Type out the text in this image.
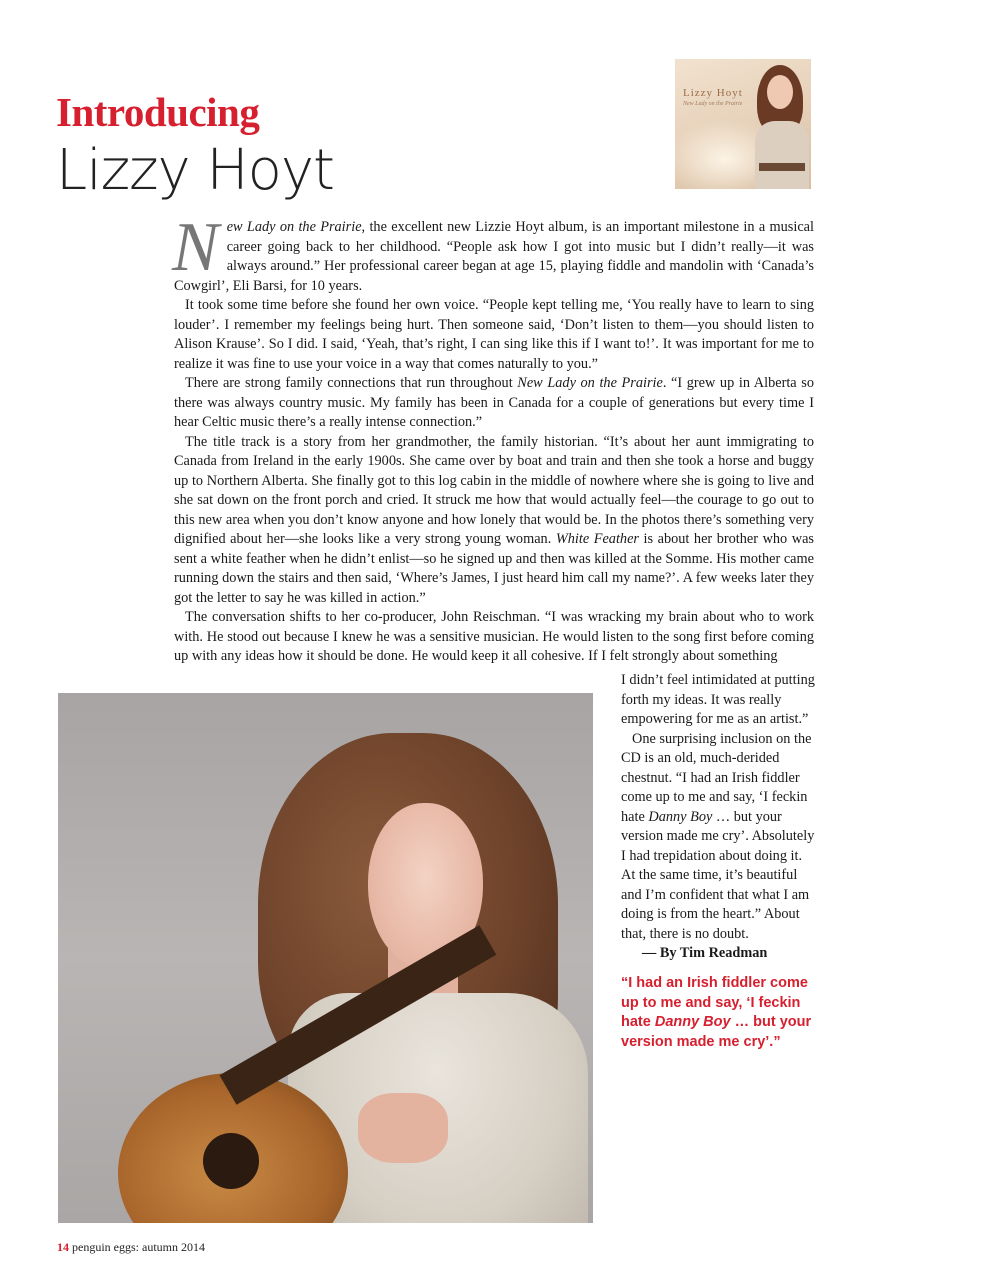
Introducing
Lizzy Hoyt
Lizzy Hoyt
New Lady on the Prairie

New Lady on the Prairie, the excellent new Lizzie Hoyt album, is an important milestone in a musical career going back to her childhood. “People ask how I got into music but I didn’t really—it was always around.” Her professional career began at age 15, playing fiddle and mandolin with ‘Canada’s Cowgirl’, Eli Barsi, for 10 years.

It took some time before she found her own voice. “People kept telling me, ‘You really have to learn to sing louder’. I remember my feelings being hurt. Then someone said, ‘Don’t listen to them—you should listen to Alison Krause’. So I did. I said, ‘Yeah, that’s right, I can sing like this if I want to!’. It was important for me to realize it was fine to use your voice in a way that comes naturally to you.”

There are strong family connections that run throughout New Lady on the Prairie. “I grew up in Alberta so there was always country music. My family has been in Canada for a couple of generations but every time I hear Celtic music there’s a really intense connection.”

The title track is a story from her grandmother, the family historian. “It’s about her aunt immigrating to Canada from Ireland in the early 1900s. She came over by boat and train and then she took a horse and buggy up to Northern Alberta. She finally got to this log cabin in the middle of nowhere where she is going to live and she sat down on the front porch and cried. It struck me how that would actually feel—the courage to go out to this new area when you don’t know anyone and how lonely that would be. In the photos there’s something very dignified about her—she looks like a very strong young woman. White Feather is about her brother who was sent a white feather when he didn’t enlist—so he signed up and then was killed at the Somme. His mother came running down the stairs and then said, ‘Where’s James, I just heard him call my name?’. A few weeks later they got the letter to say he was killed in action.”

The conversation shifts to her co-producer, John Reischman. “I was wracking my brain about who to work with. He stood out because I knew he was a sensitive musician. He would listen to the song first before coming up with any ideas how it should be done. He would keep it all cohesive. If I felt strongly about something

I didn’t feel intimidated at putting forth my ideas. It was really empowering for me as an artist.”

One surprising inclusion on the CD is an old, much-derided chestnut. “I had an Irish fiddler come up to me and say, ‘I feckin hate Danny Boy … but your version made me cry’. Absolutely I had trepidation about doing it. At the same time, it’s beautiful and I’m confident that what I am doing is from the heart.” About that, there is no doubt.

— By Tim Readman

“I had an Irish fiddler come up to me and say, ‘I feckin hate Danny Boy … but your version made me cry’.”
14 penguin eggs: autumn 2014
